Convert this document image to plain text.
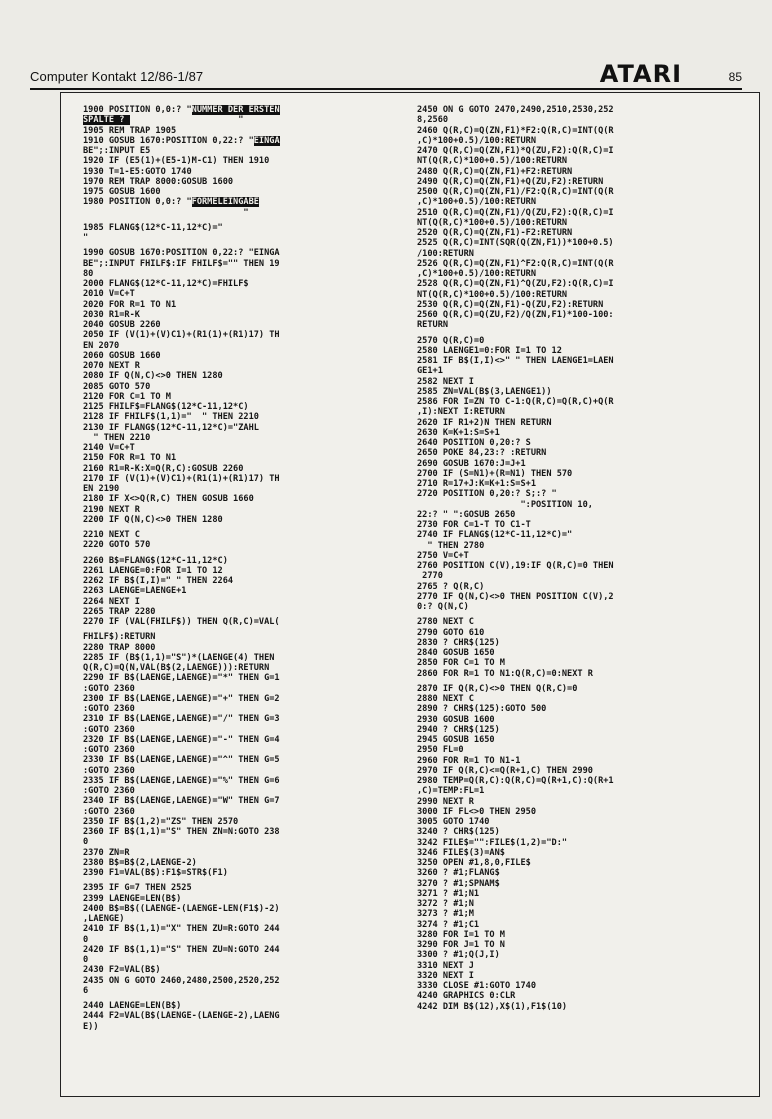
Computer Kontakt 12/86-1/87	ATARI	85
1900 POSITION 0,0:? "NUMMER DER ERSTEN
SPALTE ?                      "
1905 REM TRAP 1905
1910 GOSUB 1670:POSITION 0,22:? "EINGA
BE";:INPUT E5
1920 IF (E5(1)+(E5-1)M-C1) THEN 1910
1930 T=1-E5:GOTO 1740
1970 REM TRAP 8000:GOSUB 1600
1975 GOSUB 1600
1980 POSITION 0,0:? "FORMELEINGABE
"
1985 FLANG$(12*C-11,12*C)="
"
1990 GOSUB 1670:POSITION 0,22:? "EINGA
BE";:INPUT FHILF$:IF FHILF$="" THEN 19
80
2000 FLANG$(12*C-11,12*C)=FHILF$
2010 V=C+T
2020 FOR R=1 TO N1
2030 R1=R-K
2040 GOSUB 2260
2050 IF (V(1)+(V)C1)+(R1(1)+(R1)17) TH
EN 2070
2060 GOSUB 1660
2070 NEXT R
2080 IF Q(N,C)<>0 THEN 1280
2085 GOTO 570
2120 FOR C=1 TO M
2125 FHILF$=FLANG$(12*C-11,12*C)
2128 IF FHILF$(1,1)="  " THEN 2210
2130 IF FLANG$(12*C-11,12*C)="ZAHL
" THEN 2210
2140 V=C+T
2150 FOR R=1 TO N1
2160 R1=R-K:X=Q(R,C):GOSUB 2260
2170 IF (V(1)+(V)C1)+(R1(1)+(R1)17) TH
EN 2190
2180 IF X<>Q(R,C) THEN GOSUB 1660
2190 NEXT R
2200 IF Q(N,C)<>0 THEN 1280
2210 NEXT C
2220 GOTO 570
2260 B$=FLANG$(12*C-11,12*C)
2261 LAENGE=0:FOR I=1 TO 12
2262 IF B$(I,I)=" " THEN 2264
2263 LAENGE=LAENGE+1
2264 NEXT I
2265 TRAP 2280
2270 IF (VAL(FHILF$)) THEN Q(R,C)=VAL(
FHILF$):RETURN
2280 TRAP 8000
2285 IF (B$(1,1)="S")*(LAENGE(4) THEN
Q(R,C)=Q(N,VAL(B$(2,LAENGE))):RETURN
2290 IF B$(LAENGE,LAENGE)="*" THEN G=1
:GOTO 2360
2300 IF B$(LAENGE,LAENGE)="+" THEN G=2
:GOTO 2360
2310 IF B$(LAENGE,LAENGE)="/" THEN G=3
:GOTO 2360
2320 IF B$(LAENGE,LAENGE)="-" THEN G=4
:GOTO 2360
2330 IF B$(LAENGE,LAENGE)="^" THEN G=5
:GOTO 2360
2335 IF B$(LAENGE,LAENGE)="%" THEN G=6
:GOTO 2360
2340 IF B$(LAENGE,LAENGE)="W" THEN G=7
:GOTO 2360
2350 IF B$(1,2)="ZS" THEN 2570
2360 IF B$(1,1)="S" THEN ZN=N:GOTO 238
0
2370 ZN=R
2380 B$=B$(2,LAENGE-2)
2390 F1=VAL(B$):F1$=STR$(F1)
2395 IF G=7 THEN 2525
2399 LAENGE=LEN(B$)
2400 B$=B$((LAENGE-(LAENGE-LEN(F1$)-2)
,LAENGE)
2410 IF B$(1,1)="X" THEN ZU=R:GOTO 244
0
2420 IF B$(1,1)="S" THEN ZU=N:GOTO 244
0
2430 F2=VAL(B$)
2435 ON G GOTO 2460,2480,2500,2520,252
6
2440 LAENGE=LEN(B$)
2444 F2=VAL(B$(LAENGE-(LAENGE-2),LAENG
E))
2450 ON G GOTO 2470,2490,2510,2530,252
8,2560
2460 Q(R,C)=Q(ZN,F1)*F2:Q(R,C)=INT(Q(R
,C)*100+0.5)/100:RETURN
2470 Q(R,C)=Q(ZN,F1)*Q(ZU,F2):Q(R,C)=I
NT(Q(R,C)*100+0.5)/100:RETURN
2480 Q(R,C)=Q(ZN,F1)+F2:RETURN
2490 Q(R,C)=Q(ZN,F1)+Q(ZU,F2):RETURN
2500 Q(R,C)=Q(ZN,F1)/F2:Q(R,C)=INT(Q(R
,C)*100+0.5)/100:RETURN
2510 Q(R,C)=Q(ZN,F1)/Q(ZU,F2):Q(R,C)=I
NT(Q(R,C)*100+0.5)/100:RETURN
2520 Q(R,C)=Q(ZN,F1)-F2:RETURN
2525 Q(R,C)=INT(SQR(Q(ZN,F1))*100+0.5)
/100:RETURN
2526 Q(R,C)=Q(ZN,F1)^F2:Q(R,C)=INT(Q(R
,C)*100+0.5)/100:RETURN
2528 Q(R,C)=Q(ZN,F1)^Q(ZU,F2):Q(R,C)=I
NT(Q(R,C)*100+0.5)/100:RETURN
2530 Q(R,C)=Q(ZN,F1)-Q(ZU,F2):RETURN
2560 Q(R,C)=Q(ZU,F2)/Q(ZN,F1)*100-100:
RETURN
2570 Q(R,C)=0
2580 LAENGE1=0:FOR I=1 TO 12
2581 IF B$(I,I)<>" " THEN LAENGE1=LAEN
GE1+1
2582 NEXT I
2585 ZN=VAL(B$(3,LAENGE1))
2586 FOR I=ZN TO C-1:Q(R,C)=Q(R,C)+Q(R
,I):NEXT I:RETURN
2620 IF R1+2)N THEN RETURN
2630 K=K+1:S=S+1
2640 POSITION 0,20:? S
2650 POKE 84,23:? :RETURN
2690 GOSUB 1670:J=J+1
2700 IF (S=N1)+(R=N1) THEN 570
2710 R=17+J:K=K+1:S=S+1
2720 POSITION 0,20:? S;:? "
":POSITION 10,
22:? " ":GOSUB 2650
2730 FOR C=1-T TO C1-T
2740 IF FLANG$(12*C-11,12*C)="
" THEN 2780
2750 V=C+T
2760 POSITION C(V),19:IF Q(R,C)=0 THEN
2770
2765 ? Q(R,C)
2770 IF Q(N,C)<>0 THEN POSITION C(V),2
0:? Q(N,C)
2780 NEXT C
2790 GOTO 610
2830 ? CHR$(125)
2840 GOSUB 1650
2850 FOR C=1 TO M
2860 FOR R=1 TO N1:Q(R,C)=0:NEXT R
2870 IF Q(R,C)<>0 THEN Q(R,C)=0
2880 NEXT C
2890 ? CHR$(125):GOTO 500
2930 GOSUB 1600
2940 ? CHR$(125)
2945 GOSUB 1650
2950 FL=0
2960 FOR R=1 TO N1-1
2970 IF Q(R,C)<=Q(R+1,C) THEN 2990
2980 TEMP=Q(R,C):Q(R,C)=Q(R+1,C):Q(R+1
,C)=TEMP:FL=1
2990 NEXT R
3000 IF FL<>0 THEN 2950
3005 GOTO 1740
3240 ? CHR$(125)
3242 FILE$="":FILE$(1,2)="D:"
3246 FILE$(3)=AN$
3250 OPEN #1,8,0,FILE$
3260 ? #1;FLANG$
3270 ? #1;SPNAM$
3271 ? #1;N1
3272 ? #1;N
3273 ? #1;M
3274 ? #1;C1
3280 FOR I=1 TO M
3290 FOR J=1 TO N
3300 ? #1;Q(J,I)
3310 NEXT J
3320 NEXT I
3330 CLOSE #1:GOTO 1740
4240 GRAPHICS 0:CLR
4242 DIM B$(12),X$(1),F1$(10)
